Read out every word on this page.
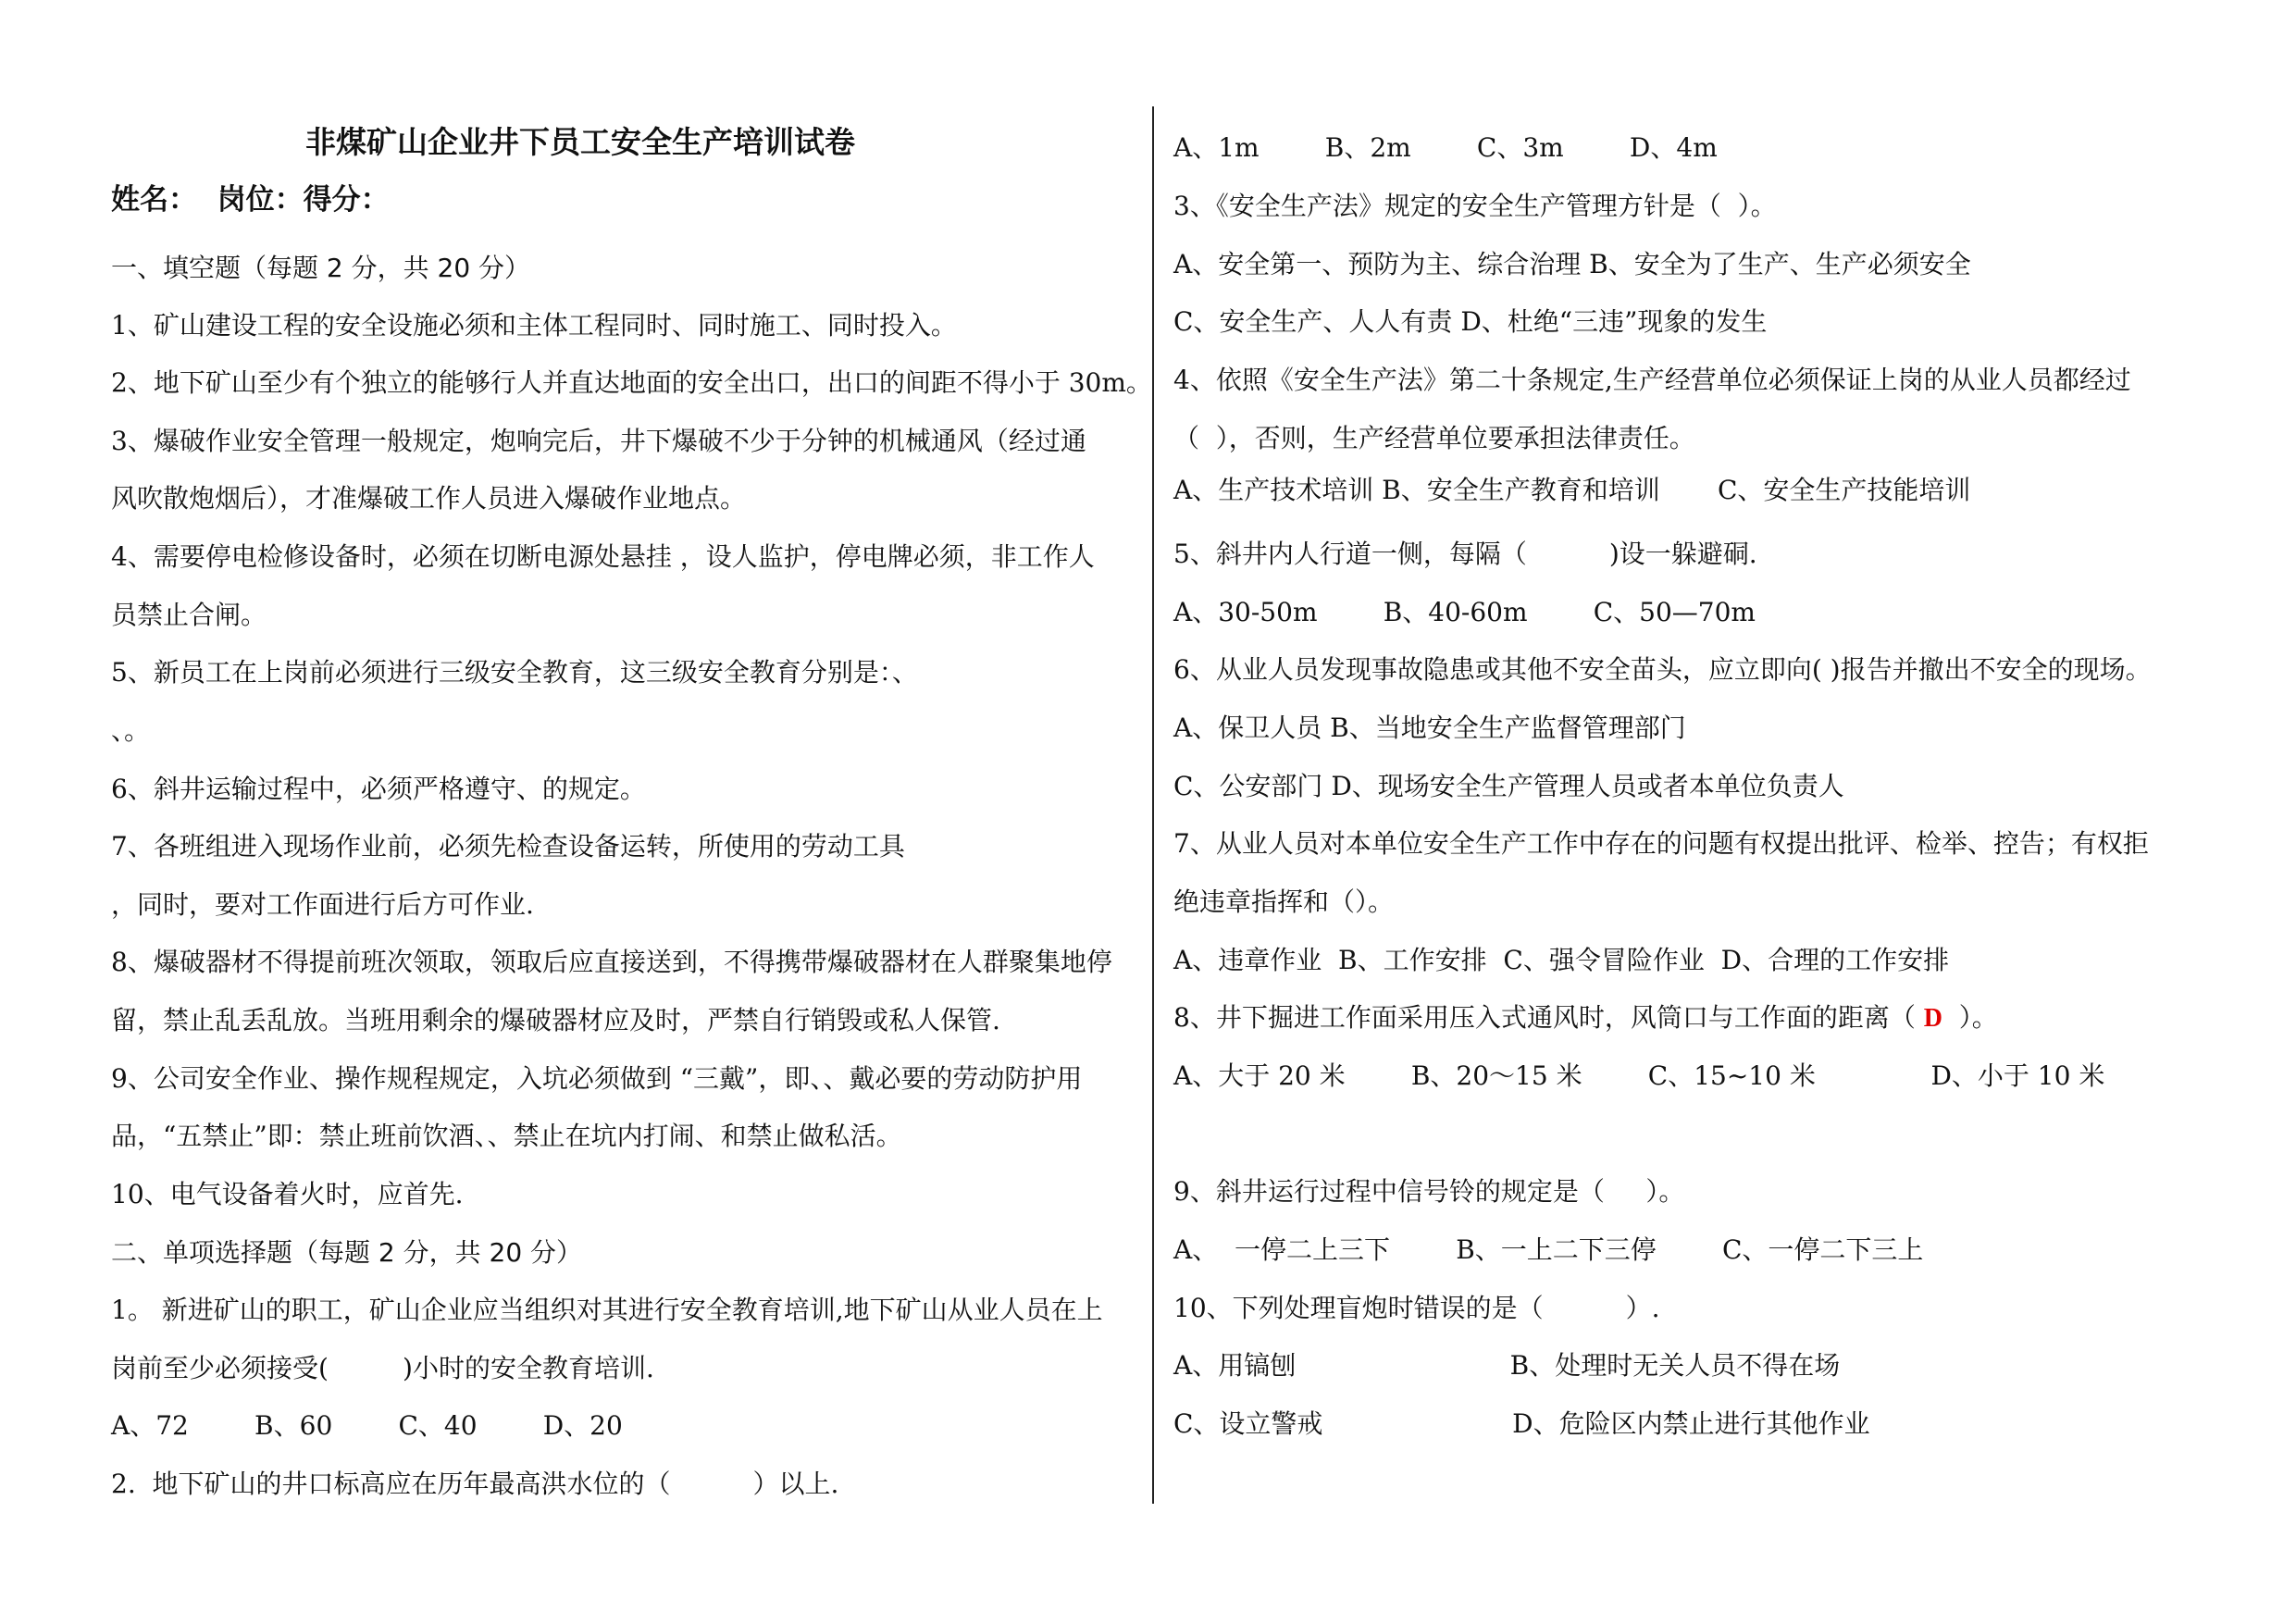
非煤矿山企业井下员工安全生产培训试卷
姓名：  岗位：得分：
一、填空题（每题 2 分，共 20 分）
1、矿山建设工程的安全设施必须和主体工程同时、同时施工、同时投入。
2、地下矿山至少有个独立的能够行人并直达地面的安全出口，出口的间距不得小于 30m。
3、爆破作业安全管理一般规定，炮响完后，井下爆破不少于分钟的机械通风（经过通
风吹散炮烟后），才准爆破工作人员进入爆破作业地点。
4、需要停电检修设备时，必须在切断电源处悬挂 ，设人监护，停电牌必须，非工作人
员禁止合闸。
5、新员工在上岗前必须进行三级安全教育，这三级安全教育分别是：、
、。
6、斜井运输过程中，必须严格遵守、的规定。
7、各班组进入现场作业前，必须先检查设备运转，所使用的劳动工具
，同时，要对工作面进行后方可作业.
8、爆破器材不得提前班次领取，领取后应直接送到，不得携带爆破器材在人群聚集地停
留，禁止乱丢乱放。当班用剩余的爆破器材应及时，严禁自行销毁或私人保管.
9、公司安全作业、操作规程规定，入坑必须做到 “三戴”，即、、戴必要的劳动防护用
品，“五禁止”即：禁止班前饮酒、、禁止在坑内打闹、和禁止做私活。
10、电气设备着火时，应首先.
二、单项选择题（每题 2 分，共 20 分）
1。 新进矿山的职工，矿山企业应当组织对其进行安全教育培训,地下矿山从业人员在上
岗前至少必须接受(         )小时的安全教育培训.
A、72        B、60        C、40        D、20
2.  地下矿山的井口标高应在历年最高洪水位的（          ）以上.
A、1m        B、2m        C、3m        D、4m
3、《安全生产法》规定的安全生产管理方针是（  ）。
A、安全第一、预防为主、综合治理 B、安全为了生产、生产必须安全
C、安全生产、人人有责 D、杜绝“三违”现象的发生
4、依照《安全生产法》第二十条规定,生产经营单位必须保证上岗的从业人员都经过
（  ），否则，生产经营单位要承担法律责任。
A、生产技术培训 B、安全生产教育和培训       C、安全生产技能培训
5、斜井内人行道一侧，每隔（          )设一躲避硐.
A、30-50m        B、40-60m        C、50—70m
6、从业人员发现事故隐患或其他不安全苗头，应立即向( )报告并撤出不安全的现场。
A、保卫人员 B、当地安全生产监督管理部门
C、公安部门 D、现场安全生产管理人员或者本单位负责人
7、从业人员对本单位安全生产工作中存在的问题有权提出批评、检举、控告；有权拒
绝违章指挥和（）。
A、违章作业  B、工作安排  C、强令冒险作业  D、合理的工作安排
8、井下掘进工作面采用压入式通风时，风筒口与工作面的距离（ D  ）。
A、大于 20 米        B、20～15 米        C、15~10 米              D、小于 10 米
9、斜井运行过程中信号铃的规定是（     ）。
A、  一停二上三下        B、一上二下三停        C、一停二下三上
10、下列处理盲炮时错误的是（          ）.
A、用镐刨                          B、处理时无关人员不得在场
C、设立警戒                       D、危险区内禁止进行其他作业
